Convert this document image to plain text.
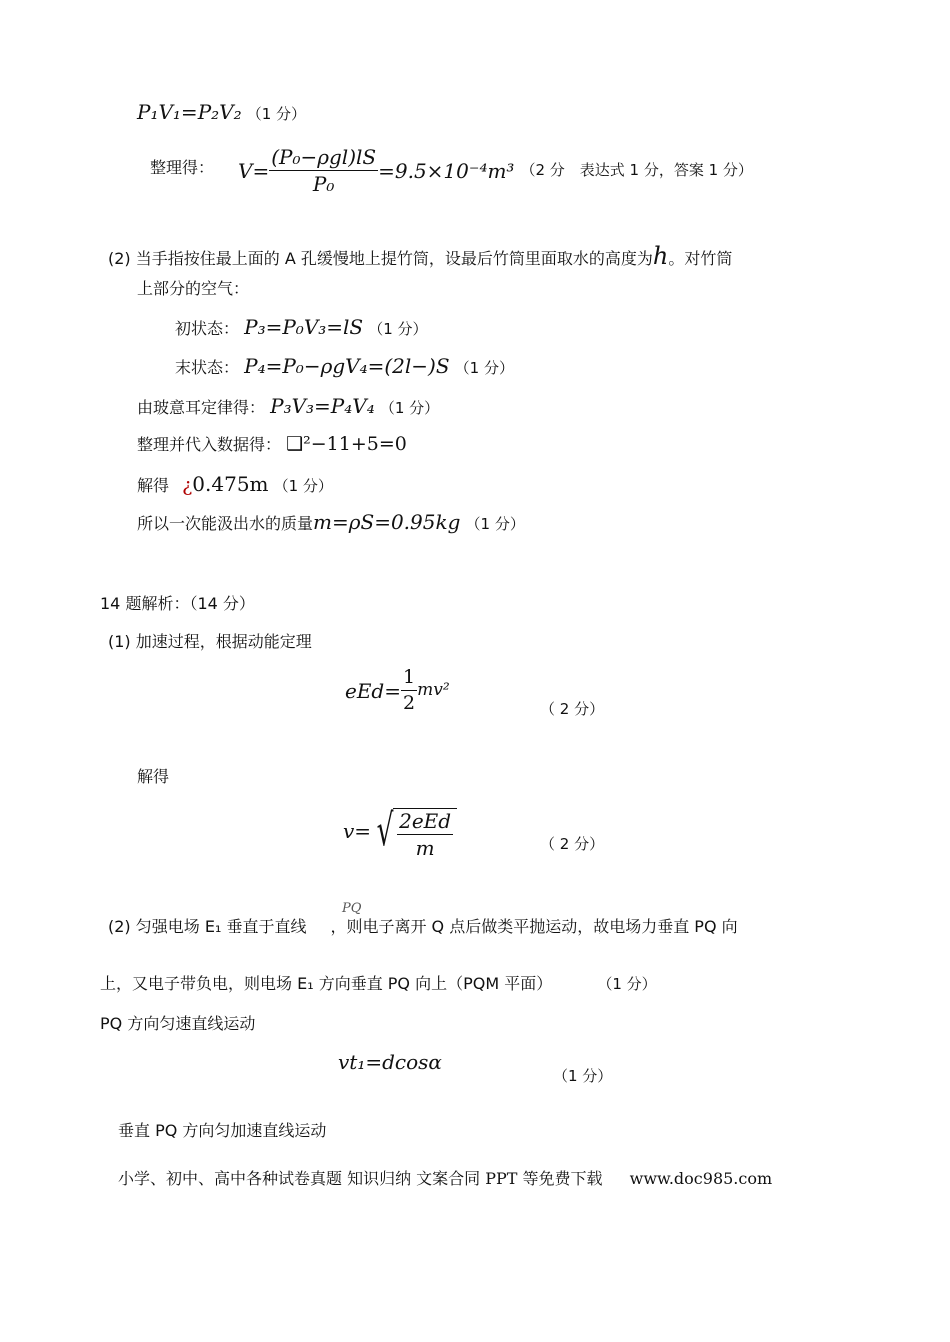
P₁V₁=P₂V₂ （1 分）
整理得： $V= \frac{\text{(P₀−ρgl)lS}}{\text{P₀}} =9.5\times 10^{-4}m^3$ （2 分　表达式 1 分，答案 1 分）
(2) 当手指按住最上面的 A 孔缓慢地上提竹筒，设最后竹筒里面取水的高度为h。对竹筒
上部分的空气：
初状态： P₃=P₀V₃=lS （1 分）
末状态： P₄=P₀−ρgV₄=(2l−)S （1 分）
由玻意耳定律得： P₃V₃=P₄V₄ （1 分）
整理并代入数据得： ❑²−11+5=0
解得 ¿0.475m （1 分）
所以一次能汲出水的质量m=ρS=0.95kg （1 分）
14 题解析：（14 分）
(1) 加速过程，根据动能定理
$eEd= \frac{1}{2} mv^2$
（ 2 分）
解得
v= √ $\frac{\text{2eEd}}{m}$	（ 2 分）
PQ
(2) 匀强电场 E₁ 垂直于直线 ，则电子离开 Q 点后做类平抛运动，故电场力垂直 PQ 向
上，又电子带负电，则电场 E₁ 方向垂直 PQ 向上（PQM 平面）	（1 分）
PQ 方向匀速直线运动
vt₁=dcosα
（1 分）
垂直 PQ 方向匀加速直线运动
小学、初中、高中各种试卷真题 知识归纳 文案合同 PPT 等免费下载 www.doc985.com
